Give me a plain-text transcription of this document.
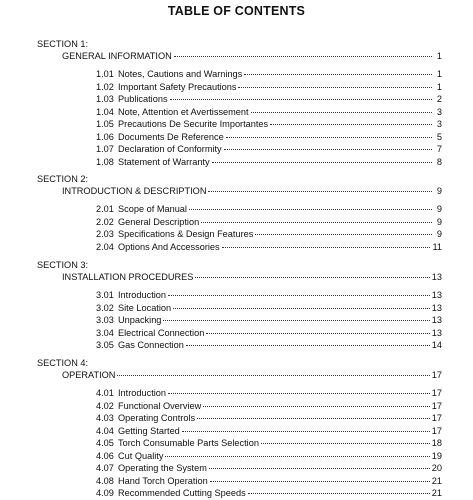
TABLE OF CONTENTS
SECTION 1:
GENERAL INFORMATION	1
1.01 Notes, Cautions and Warnings	1
1.02 Important Safety Precautions	1
1.03 Publications	2
1.04 Note, Attention et Avertissement	3
1.05 Precautions De Securite Importantes	3
1.06 Documents De Reference	5
1.07 Declaration of Conformity	7
1.08 Statement of Warranty	8
SECTION 2:
INTRODUCTION & DESCRIPTION	9
2.01 Scope of Manual	9
2.02 General Description	9
2.03 Specifications & Design Features	9
2.04 Options And Accessories	11
SECTION 3:
INSTALLATION PROCEDURES	13
3.01 Introduction	13
3.02 Site Location	13
3.03 Unpacking	13
3.04 Electrical Connection	13
3.05 Gas Connection	14
SECTION 4:
OPERATION	17
4.01 Introduction	17
4.02 Functional Overview	17
4.03 Operating Controls	17
4.04 Getting Started	17
4.05 Torch Consumable Parts Selection	18
4.06 Cut Quality	19
4.07 Operating the System	20
4.08 Hand Torch Operation	21
4.09 Recommended Cutting Speeds	21
